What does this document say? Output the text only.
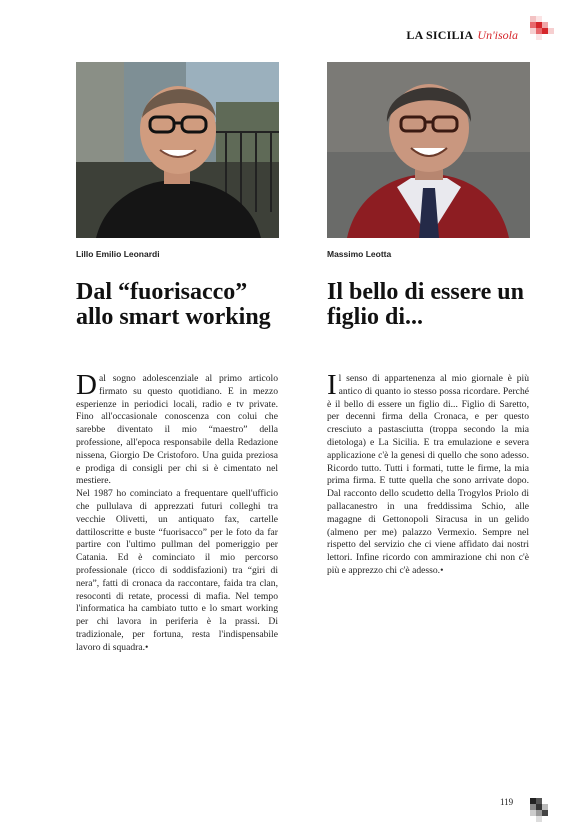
LA SICILIA Un'isola
Lillo Emilio Leonardi	Massimo Leotta
Dal “fuorisacco” allo smart working
Il bello di essere un figlio di...

Dal sogno adolescenziale al primo articolo firmato su questo quotidiano. E in mezzo esperienze in periodici locali, radio e tv private. Fino all'occasionale conoscenza con colui che sarebbe diventato il mio “maestro” della professione, all'epoca responsabile della Redazione nissena, Giorgio De Cristoforo. Una guida preziosa e prodiga di consigli per chi si è cimentato nel mestiere.

Nel 1987 ho cominciato a frequentare quell'ufficio che pullulava di apprezzati futuri colleghi tra vecchie Olivetti, un antiquato fax, cartelle dattiloscritte e buste “fuorisacco” per le foto da far partire con l'ultimo pullman del pomeriggio per Catania. Ed è cominciato il mio percorso professionale (ricco di soddisfazioni) tra “giri di nera”, fatti di cronaca da raccontare, faida tra clan, resoconti di retate, processi di mafia. Nel tempo l'informatica ha cambiato tutto e lo smart working per chi lavora in periferia è la prassi. Di tradizionale, per fortuna, resta l'indispensabile lavoro di squadra.•

Il senso di appartenenza al mio giornale è più antico di quanto io stesso possa ricordare. Perché è il bello di essere un figlio di... Figlio di Saretto, per decenni firma della Cronaca, e per questo cresciuto a pastasciutta (troppa secondo la mia dietologa) e La Sicilia. E tra emulazione e severa applicazione c'è la genesi di quello che sono adesso. Ricordo tutto. Tutti i formati, tutte le firme, la mia prima firma. E tutte quella che sono arrivate dopo. Dal racconto dello scudetto della Trogylos Priolo di pallacanestro in una freddissima Schio, alle magagne di Gettonopoli Siracusa in un gelido (almeno per me) palazzo Vermexio. Sempre nel rispetto del servizio che ci viene affidato dai nostri lettori. Infine ricordo con ammirazione chi non c'è più e apprezzo chi c'è adesso.•

119
